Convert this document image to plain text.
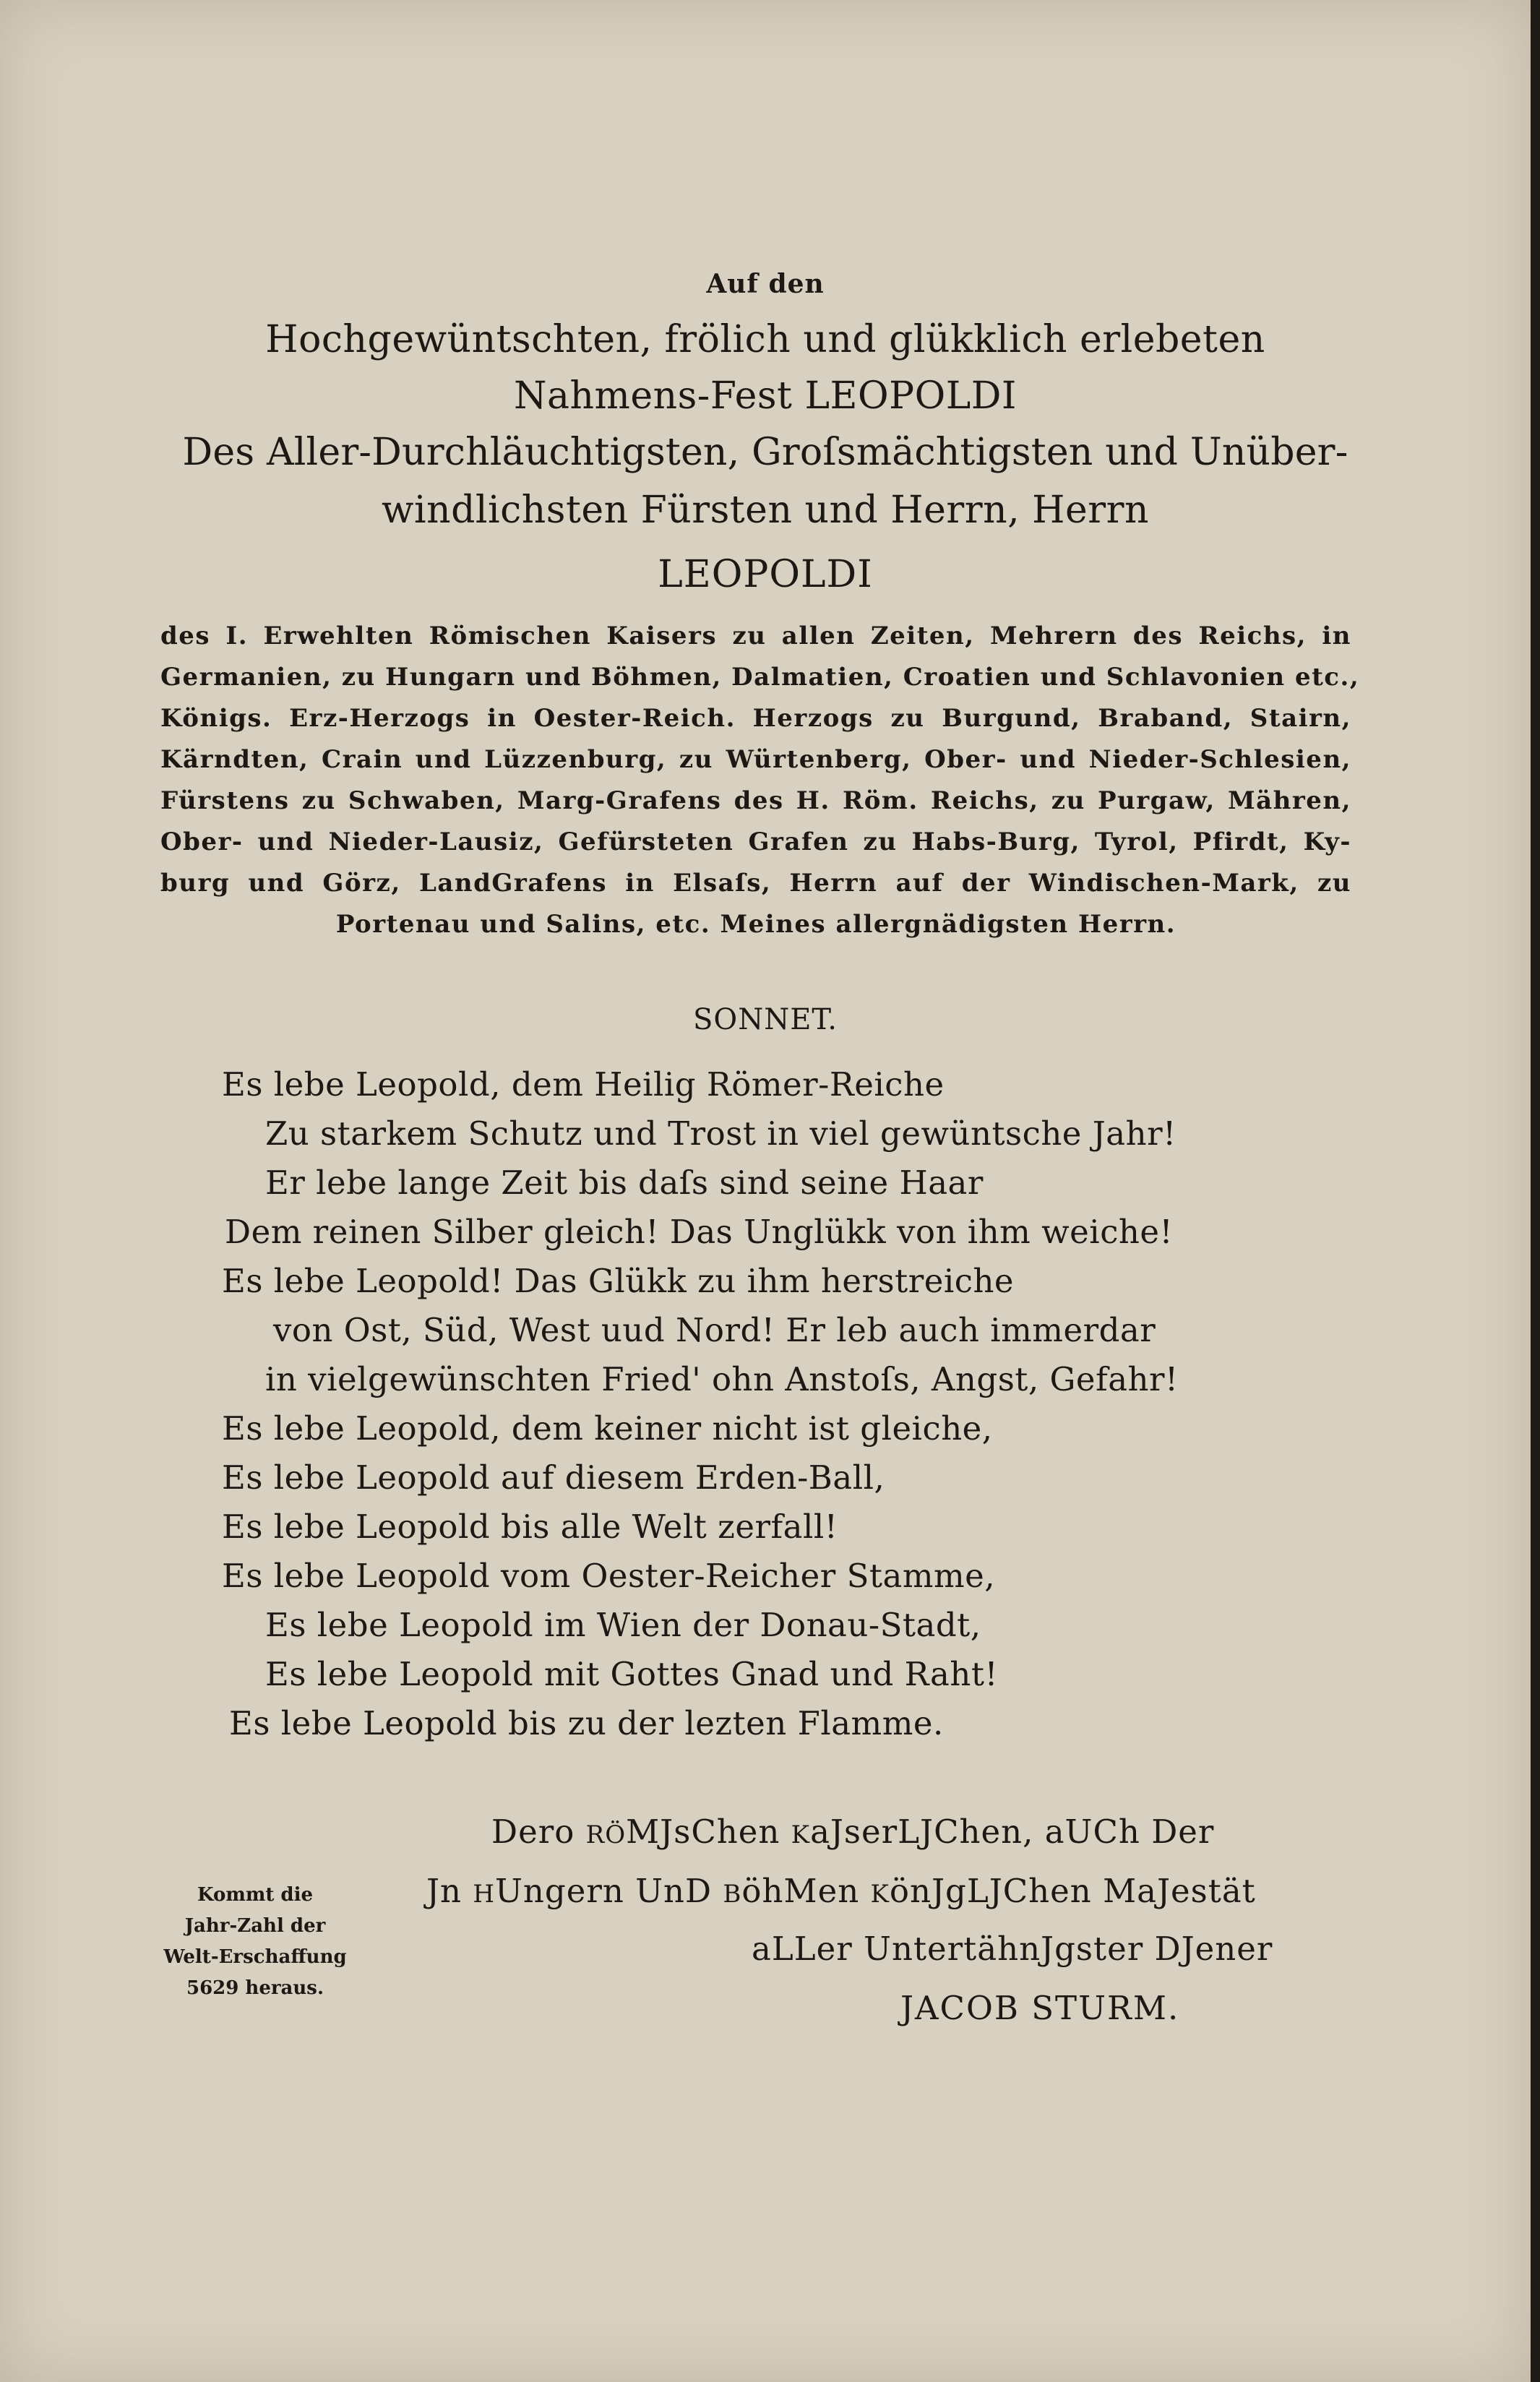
Auf den
Hochgewüntschten, frölich und glükklich erlebeten
Nahmens-Fest LEOPOLDI
Des Aller-Durchläuchtigsten, Groſsmächtigsten und Unüber-
windlichsten Fürsten und Herrn, Herrn
LEOPOLDI
des I. Erwehlten Römischen Kaisers zu allen Zeiten, Mehrern des Reichs, in
Germanien, zu Hungarn und Böhmen, Dalmatien, Croatien und Schlavonien etc.,
Königs. Erz-Herzogs in Oester-Reich. Herzogs zu Burgund, Braband, Stairn,
Kärndten, Crain und Lüzzenburg, zu Würtenberg, Ober- und Nieder-Schlesien,
Fürstens zu Schwaben, Marg-Grafens des H. Röm. Reichs, zu Purgaw, Mähren,
Ober- und Nieder-Lausiz, Gefürsteten Grafen zu Habs-Burg, Tyrol, Pfirdt, Ky-
burg und Görz, LandGrafens in Elsaſs, Herrn auf der Windischen-Mark, zu
Portenau und Salins, etc. Meines allergnädigsten Herrn.
SONNET.
Es lebe Leopold, dem Heilig Römer-Reiche
Zu starkem Schutz und Trost in viel gewüntsche Jahr!
Er lebe lange Zeit bis daſs sind seine Haar
Dem reinen Silber gleich! Das Unglükk von ihm weiche!
Es lebe Leopold! Das Glükk zu ihm herstreiche
von Ost, Süd, West uud Nord! Er leb auch immerdar
in vielgewünschten Fried' ohn Anstoſs, Angst, Gefahr!
Es lebe Leopold, dem keiner nicht ist gleiche,
Es lebe Leopold auf diesem Erden-Ball,
Es lebe Leopold bis alle Welt zerfall!
Es lebe Leopold vom Oester-Reicher Stamme,
Es lebe Leopold im Wien der Donau-Stadt,
Es lebe Leopold mit Gottes Gnad und Raht!
Es lebe Leopold bis zu der lezten Flamme.
Dero RÖMJsChen KaJserLJChen, aUCh Der
Jn HUngern UnD BöhMen KönJgLJChen MaJestät
aLLer UntertähnJgster DJener
JACOB STURM.
Kommt die
Jahr-Zahl der
Welt-Erschaffung
5629 heraus.
